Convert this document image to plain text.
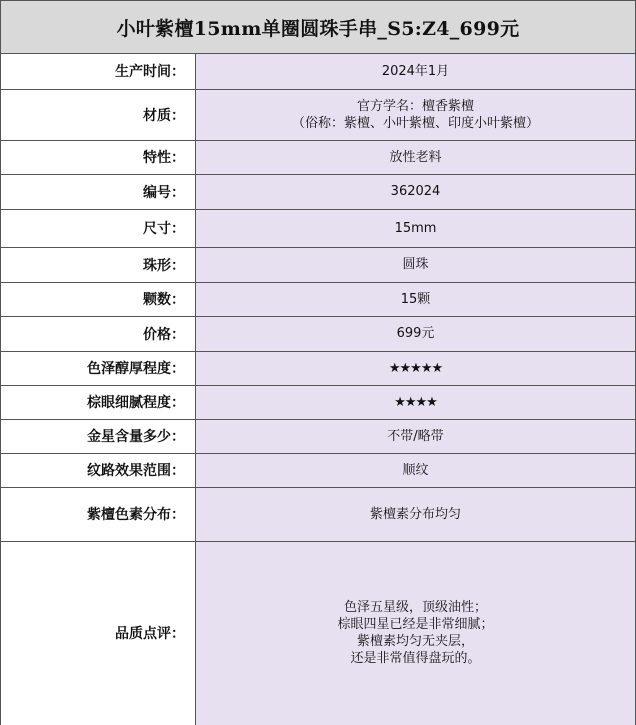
小叶紫檀15mm单圈圆珠手串_S5:Z4_699元
生产时间：	2024年1月
材质：	官方学名：檀香紫檀
（俗称：紫檀、小叶紫檀、印度小叶紫檀）

特性：	放性老料
编号：	362024
尺寸：	15mm
珠形：	圆珠
颗数：	15颗
价格：	699元
色泽醇厚程度：	★★★★★
棕眼细腻程度：	★★★★
金星含量多少：	不带/略带
纹路效果范围：	顺纹
紫檀色素分布：	紫檀素分布均匀
品质点评：	色泽五星级，顶级油性；
棕眼四星已经是非常细腻；
紫檀素均匀无夹层，
还是非常值得盘玩的。
